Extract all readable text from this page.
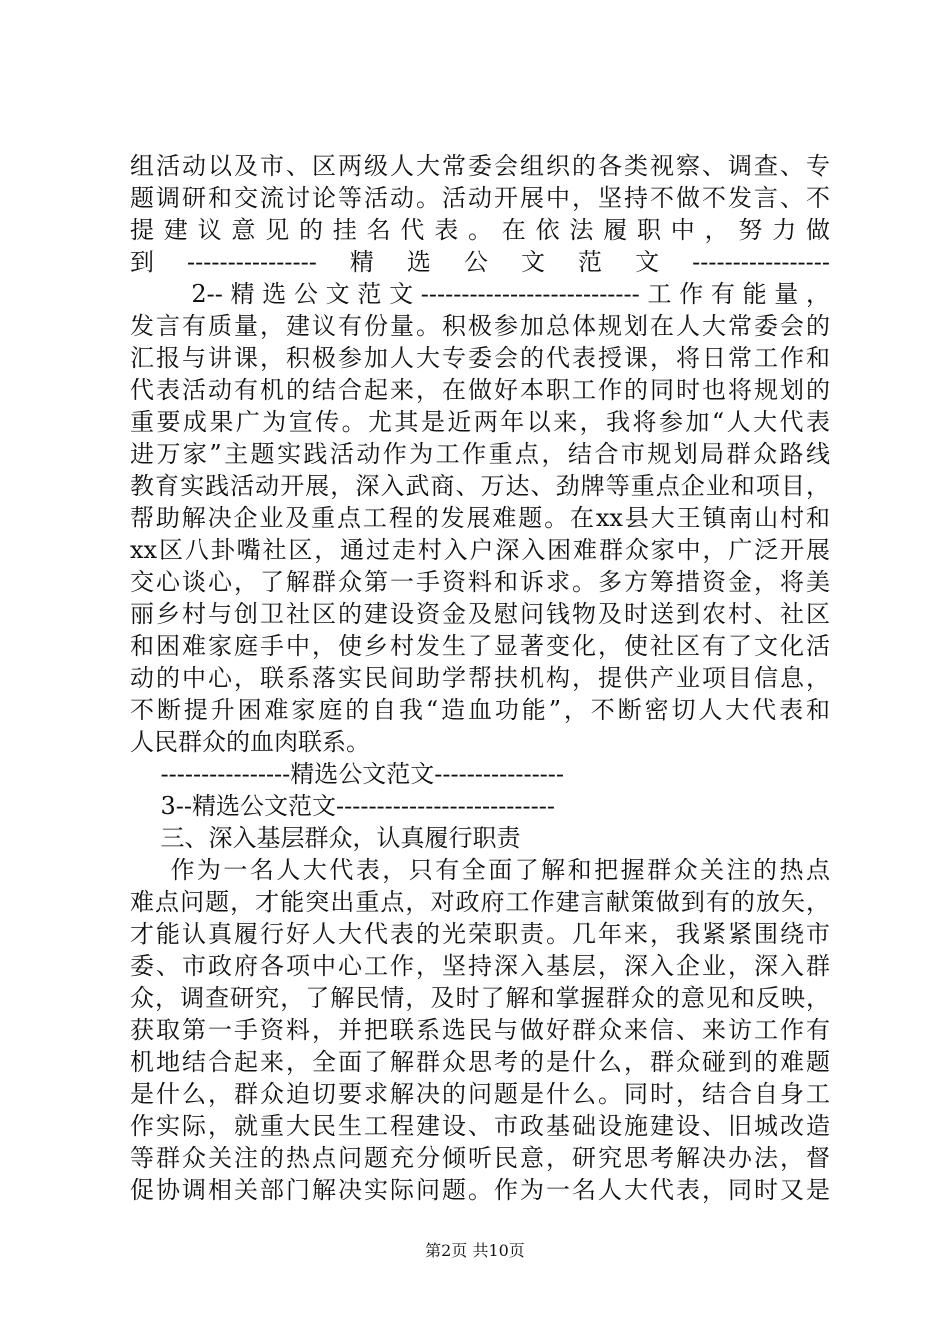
组活动以及市、区两级人大常委会组织的各类视察、调查、专
题调研和交流讨论等活动。活动开展中，坚持不做不发言、不
提 建 议 意 见 的 挂 名 代 表 。 在 依 法 履 职 中 ， 努 力 做
到----------------精选公文范文-----------------
2--精选公文范文---------------------------工作有能量，
发言有质量，建议有份量。积极参加总体规划在人大常委会的
汇报与讲课，积极参加人大专委会的代表授课，将日常工作和
代表活动有机的结合起来，在做好本职工作的同时也将规划的
重要成果广为宣传。尤其是近两年以来，我将参加“人大代表
进万家”主题实践活动作为工作重点，结合市规划局群众路线
教育实践活动开展，深入武商、万达、劲牌等重点企业和项目，
帮助解决企业及重点工程的发展难题。在xx县大王镇南山村和
xx区八卦嘴社区，通过走村入户深入困难群众家中，广泛开展
交心谈心，了解群众第一手资料和诉求。多方筹措资金，将美
丽乡村与创卫社区的建设资金及慰问钱物及时送到农村、社区
和困难家庭手中，使乡村发生了显著变化，使社区有了文化活
动的中心，联系落实民间助学帮扶机构，提供产业项目信息，
不断提升困难家庭的自我“造血功能”，不断密切人大代表和
人民群众的血肉联系。
----------------精选公文范文----------------
3--精选公文范文---------------------------
三、深入基层群众，认真履行职责
作为一名人大代表，只有全面了解和把握群众关注的热点
难点问题，才能突出重点，对政府工作建言献策做到有的放矢，
才能认真履行好人大代表的光荣职责。几年来，我紧紧围绕市
委、市政府各项中心工作，坚持深入基层，深入企业，深入群
众，调查研究，了解民情，及时了解和掌握群众的意见和反映，
获取第一手资料，并把联系选民与做好群众来信、来访工作有
机地结合起来，全面了解群众思考的是什么，群众碰到的难题
是什么，群众迫切要求解决的问题是什么。同时，结合自身工
作实际，就重大民生工程建设、市政基础设施建设、旧城改造
等群众关注的热点问题充分倾听民意，研究思考解决办法，督
促协调相关部门解决实际问题。作为一名人大代表，同时又是
第2页 共10页
